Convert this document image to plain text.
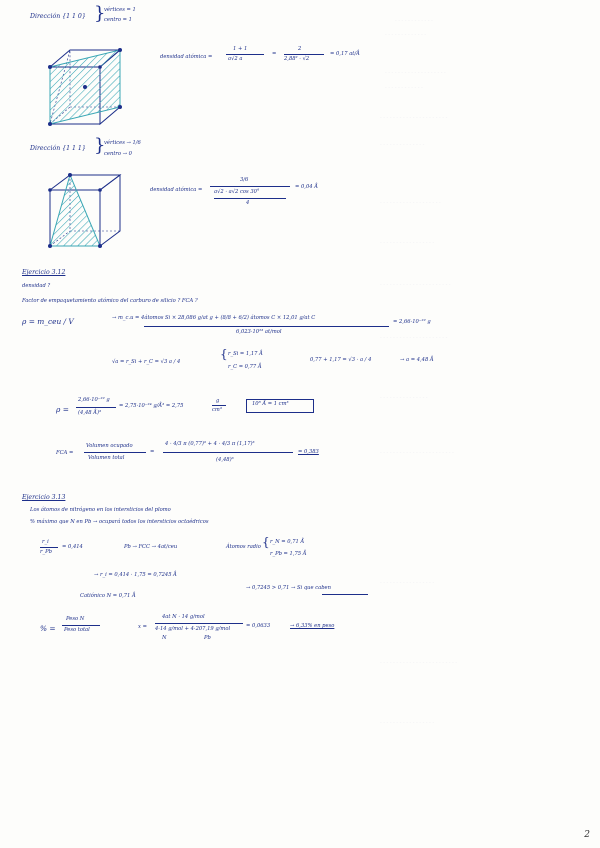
- - - - - - - - - - - -
- - - - - - - - - - - - -
- - - - - - - - - - - - - - - - - - -
- - - - - - - - - - - -
- - - - - - - - - - - - - - - - - - - - -
- - - - - - - - - - - - - -
- - - - - - - - - - - - - - - - - - -
- - - - - - - - - - - - - - - - -
- - - - - - - - - - - - - - - - - - - - - -
- - - - - - - - - - - - - - - - - - - - -
- - - - - - - - - - - - - - -
- - - - - - - - - - - - - - - - - - - - - - -
- - - - - - - - - - - - - - - - -
- - - - - - - - - - - - - - - - - - - - - - - -
- - - - - - - - - - - - - - - - -
Dirección {1 1 0} }
vértices = 1
centro = 1
densidad atómica =
1 + 1
a√2 a
=
2
2,88² · √2
= 0,17 at/Å
Dirección {1 1 1} }
vértices → 1/6
centro → 0
densidad atómica =
3/6
a√2 · a√2 cos 30°
4
= 0,04 Å
Ejercicio 3.12
densidad ?
Factor de empaquetamiento atómico del carburo de silicio ? FCA ?
ρ = m_ceu / V	→ m_c.u = 4átomos Si × 28,086 g/at g + (8/8 + 6/2) átomos C × 12,01 g/at C
6,023·10²³ at/mol
= 2,66·10⁻²² g
√a = r_Si + r_C = √3 a / 4
{ r_Si = 1,17 Å
r_C = 0,77 Å
0,77 + 1,17 = √3 · a / 4	→ a = 4,48 Å
ρ =
2,66·10⁻²² g
(4,48 Å)³
= 2,75·10⁻²⁴ g/Å³ = 2,75
g
cm³
10⁸ Å = 1 cm³
FCA =
Volumen ocupado
Volumen total
=
4 · 4/3 π (0,77)³ + 4 · 4/3 π (1,17)³
(4,48)³
= 0,383
Ejercicio 3.13
Los átomos de nitrógeno en los intersticios del plomo
% máximo que N en Pb → ocupará todos los intersticios octaédricos
r_i
r_Pb
= 0,414	Pb → FCC → 4at/ceu	Átomos radio { r_N = 0,71 Å
r_Pb = 1,75 Å
→ r_i = 0,414 · 1,75 = 0,7245 Å
Catiónico N = 0,71 Å
→ 0,7245 > 0,71 → Si que caben
% =
Peso N
Peso total	x =
4at N · 14 g/mol
4·14 g/mol + 4·207,19 g/mol
N	Pb
= 0,0633	→ 6,33% en peso
2
